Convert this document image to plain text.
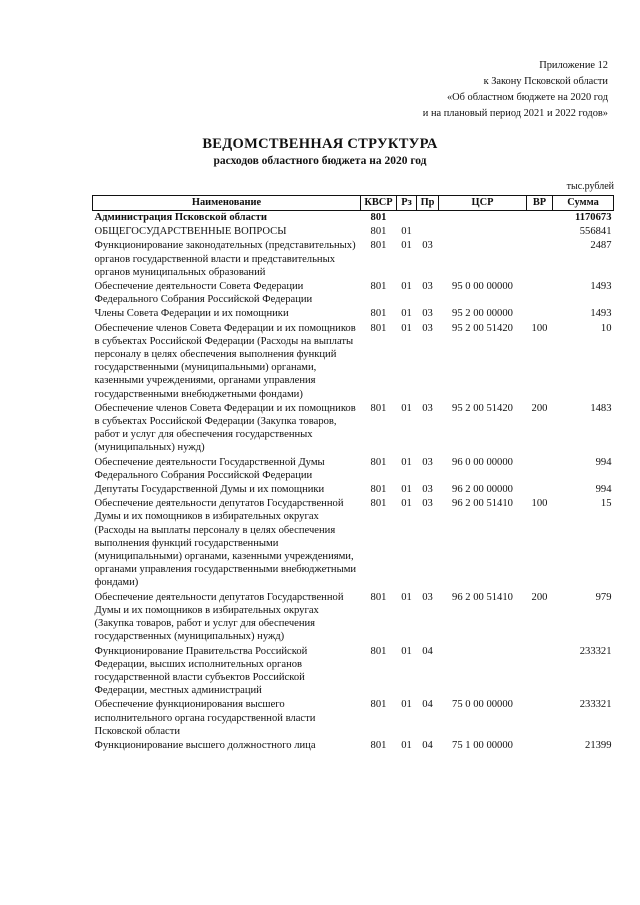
Приложение 12
к Закону Псковской области
«Об областном бюджете на 2020 год
и на плановый период 2021 и 2022 годов»
ВЕДОМСТВЕННАЯ СТРУКТУРА
расходов областного бюджета на 2020 год
тыс.рублей
Наименование	КВСР	Рз	Пр	ЦСР	ВР	Сумма
Администрация Псковской области	801					1170673
ОБЩЕГОСУДАРСТВЕННЫЕ ВОПРОСЫ	801	01				556841
Функционирование законодательных (представительных) органов государственной власти и представительных органов муниципальных образований	801	01	03			2487
Обеспечение деятельности Совета Федерации Федерального Собрания Российской Федерации	801	01	03	95 0 00 00000		1493
Члены Совета Федерации и их помощники	801	01	03	95 2 00 00000		1493
Обеспечение членов Совета Федерации и их помощников в субъектах Российской Федерации (Расходы на выплаты персоналу в целях обеспечения выполнения функций государственными (муниципальными) органами, казенными учреждениями, органами управления государственными внебюджетными фондами)	801	01	03	95 2 00 51420	100	10
Обеспечение членов Совета Федерации и их помощников в субъектах Российской Федерации (Закупка товаров, работ и услуг для обеспечения государственных (муниципальных) нужд)	801	01	03	95 2 00 51420	200	1483
Обеспечение деятельности Государственной Думы Федерального Собрания Российской Федерации	801	01	03	96 0 00 00000		994
Депутаты Государственной Думы и их помощники	801	01	03	96 2 00 00000		994
Обеспечение деятельности депутатов Государственной Думы и их помощников в избирательных округах (Расходы на выплаты персоналу в целях обеспечения выполнения функций государственными (муниципальными) органами, казенными учреждениями, органами управления государственными внебюджетными фондами)	801	01	03	96 2 00 51410	100	15
Обеспечение деятельности депутатов Государственной Думы и их помощников в избирательных округах (Закупка товаров, работ и услуг для обеспечения государственных (муниципальных) нужд)	801	01	03	96 2 00 51410	200	979
Функционирование Правительства Российской Федерации, высших исполнительных органов государственной власти субъектов Российской Федерации, местных администраций	801	01	04			233321
Обеспечение функционирования высшего исполнительного органа государственной власти Псковской области	801	01	04	75 0 00 00000		233321
Функционирование высшего должностного лица	801	01	04	75 1 00 00000		21399
